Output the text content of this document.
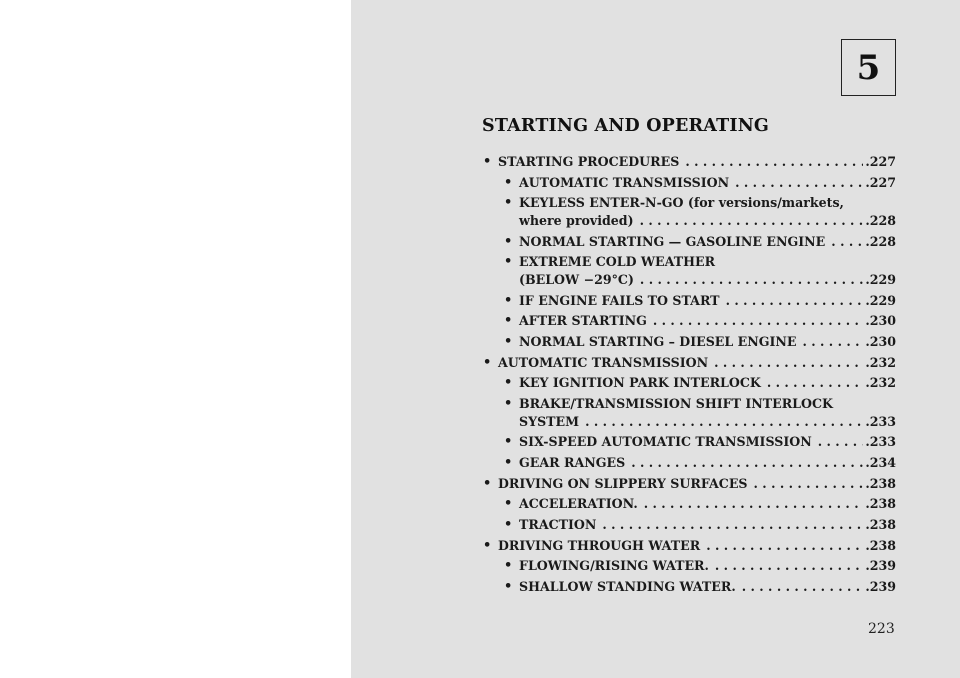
5
STARTING AND OPERATING
• STARTING PROCEDURES . . .	.227
• AUTOMATIC TRANSMISSION . . .	.227
• KEYLESS ENTER-N-GO (for versions/markets,
where provided) . . .	.228
• NORMAL STARTING — GASOLINE ENGINE . . .	.228
• EXTREME COLD WEATHER
(BELOW −29°C) . . .	.229
• IF ENGINE FAILS TO START . . .	.229
• AFTER STARTING . . .	.230
• NORMAL STARTING – DIESEL ENGINE . . .	.230
• AUTOMATIC TRANSMISSION . . .	.232
• KEY IGNITION PARK INTERLOCK . . .	.232
• BRAKE/TRANSMISSION SHIFT INTERLOCK
SYSTEM . . .	.233
• SIX-SPEED AUTOMATIC TRANSMISSION . . .	.233
• GEAR RANGES . . .	.234
• DRIVING ON SLIPPERY SURFACES . . .	.238
• ACCELERATION. . . .	.238
• TRACTION . . .	.238
• DRIVING THROUGH WATER . . .	.238
• FLOWING/RISING WATER. . . .	.239
• SHALLOW STANDING WATER. . . .	.239
223
